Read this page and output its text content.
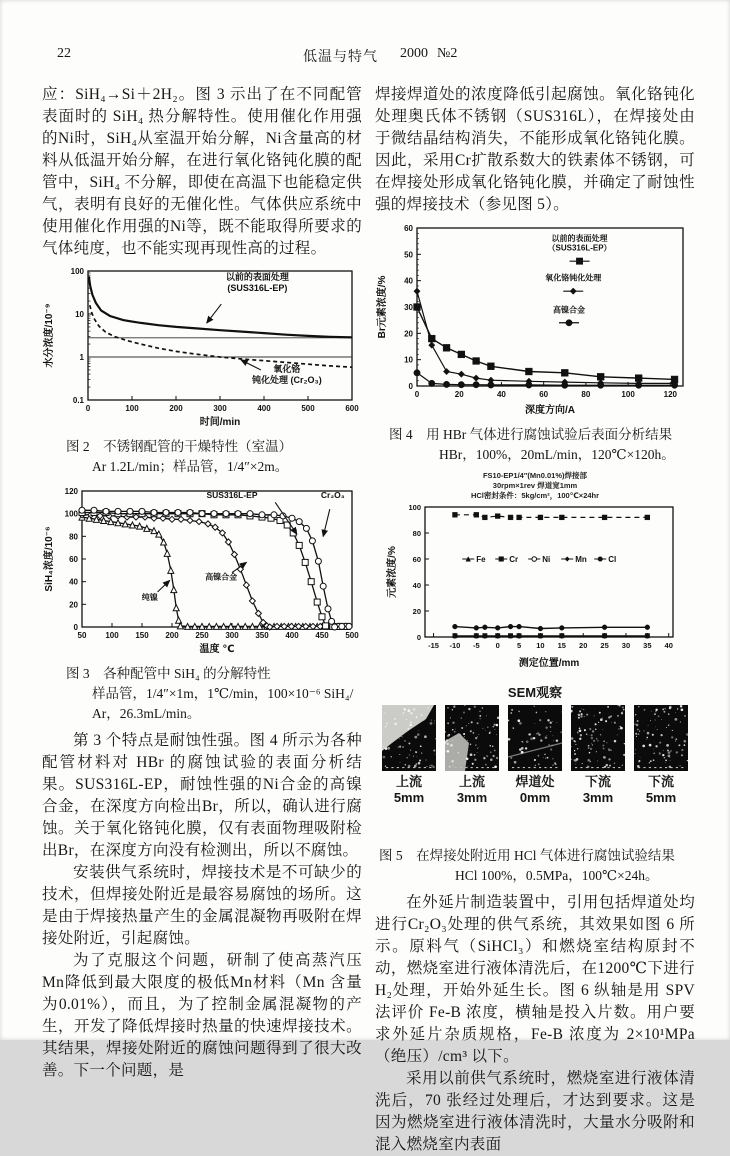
22	低温与特气 2000 №2
应：SiH₄→Si＋2H₂。图 3 示出了在不同配管表面时的 SiH₄ 热分解特性。使用催化作用强的Ni时，SiH₄从室温开始分解，Ni含量高的材料从低温开始分解，在进行氧化铬钝化膜的配管中，SiH₄ 不分解，即使在高温下也能稳定供气，表明有良好的无催化性。气体供应系统中使用催化作用强的Ni等，既不能取得所要求的气体纯度，也不能实现再现性高的过程。
100
10
1
0.1
0	100	200	300	400	500	600
时间/min
水分浓度/10⁻⁹
以前的表面处理
(SUS316L-EP)
氧化铬
钝化处理 (Cr₂O₃)
图 2　不锈钢配管的干燥特性（室温）
Ar 1.2L/min；样品管，1/4″×2m。
0
20
40
60
80
100
120
50 100 150 200 250 300 350 400 450 500
温度 ℃
SiH₄浓度/10⁻⁶
SUS316L-EP	Cr₂O₃
高镍合金
纯镍
图 3　各种配管中 SiH₄ 的分解特性
样品管，1/4″×1m，1℃/min，100×10⁻⁶ SiH₄/
Ar，26.3mL/min。
第 3 个特点是耐蚀性强。图 4 所示为各种配管材料对 HBr 的腐蚀试验的表面分析结果。SUS316L-EP，耐蚀性强的Ni合金的高镍合金，在深度方向检出Br，所以，确认进行腐蚀。关于氧化铬钝化膜，仅有表面物理吸附检出Br，在深度方向没有检测出，所以不腐蚀。
安装供气系统时，焊接技术是不可缺少的技术，但焊接处附近是最容易腐蚀的场所。这是由于焊接热量产生的金属混凝物再吸附在焊接处附近，引起腐蚀。
为了克服这个问题，研制了使高蒸汽压Mn降低到最大限度的极低Mn材料（Mn 含量为0.01%），而且，为了控制金属混凝物的产生，开发了降低焊接时热量的快速焊接技术。其结果，焊接处附近的腐蚀问题得到了很大改善。下一个问题，是
焊接焊道处的浓度降低引起腐蚀。氧化铬钝化处理奥氏体不锈钢（SUS316L），在焊接处由于微结晶结构消失，不能形成氧化铬钝化膜。因此，采用Cr扩散系数大的铁素体不锈钢，可在焊接处形成氧化铬钝化膜，并确定了耐蚀性强的焊接技术（参见图 5）。
0
10
20
30
40
50
60
0	20	40	60	80	100	120
深度方向/A
Br元素浓度/%
以前的表面处理
（SUS316L-EP）
氧化铬钝化处理
高镍合金
图 4　用 HBr 气体进行腐蚀试验后表面分析结果
HBr，100%，20mL/min，120℃×120h。
FS10-EP1/4″(Mn0.01%)焊接部
30rpm×1rev 焊道宽1mm
HCl密封条件：5kg/cm²，100℃×24hr
0
20
40
60
80
100
-15 -10 -5 0 5 10 15 20 25 30 35 40
测定位置/mm
元素浓度/%	Fe	Cr	Ni	Mn	Cl
SEM观察
上流
5mm
上流
3mm
焊道处
0mm
下流
3mm
下流
5mm
图 5　在焊接处附近用 HCl 气体进行腐蚀试验结果
HCl 100%，0.5MPa，100℃×24h。
在外延片制造装置中，引用包括焊道处均进行Cr₂O₃处理的供气系统，其效果如图 6 所示。原料气（SiHCl₃）和燃烧室结构原封不动，燃烧室进行液体清洗后，在1200℃下进行H₂处理，开始外延生长。图 6 纵轴是用 SPV 法评价 Fe-B 浓度，横轴是投入片数。用户要求外延片杂质规格，Fe-B 浓度为 2×10¹MPa（绝压）/cm³ 以下。
采用以前供气系统时，燃烧室进行液体清洗后，70 张经过处理后，才达到要求。这是因为燃烧室进行液体清洗时，大量水分吸附和混入燃烧室内表面
